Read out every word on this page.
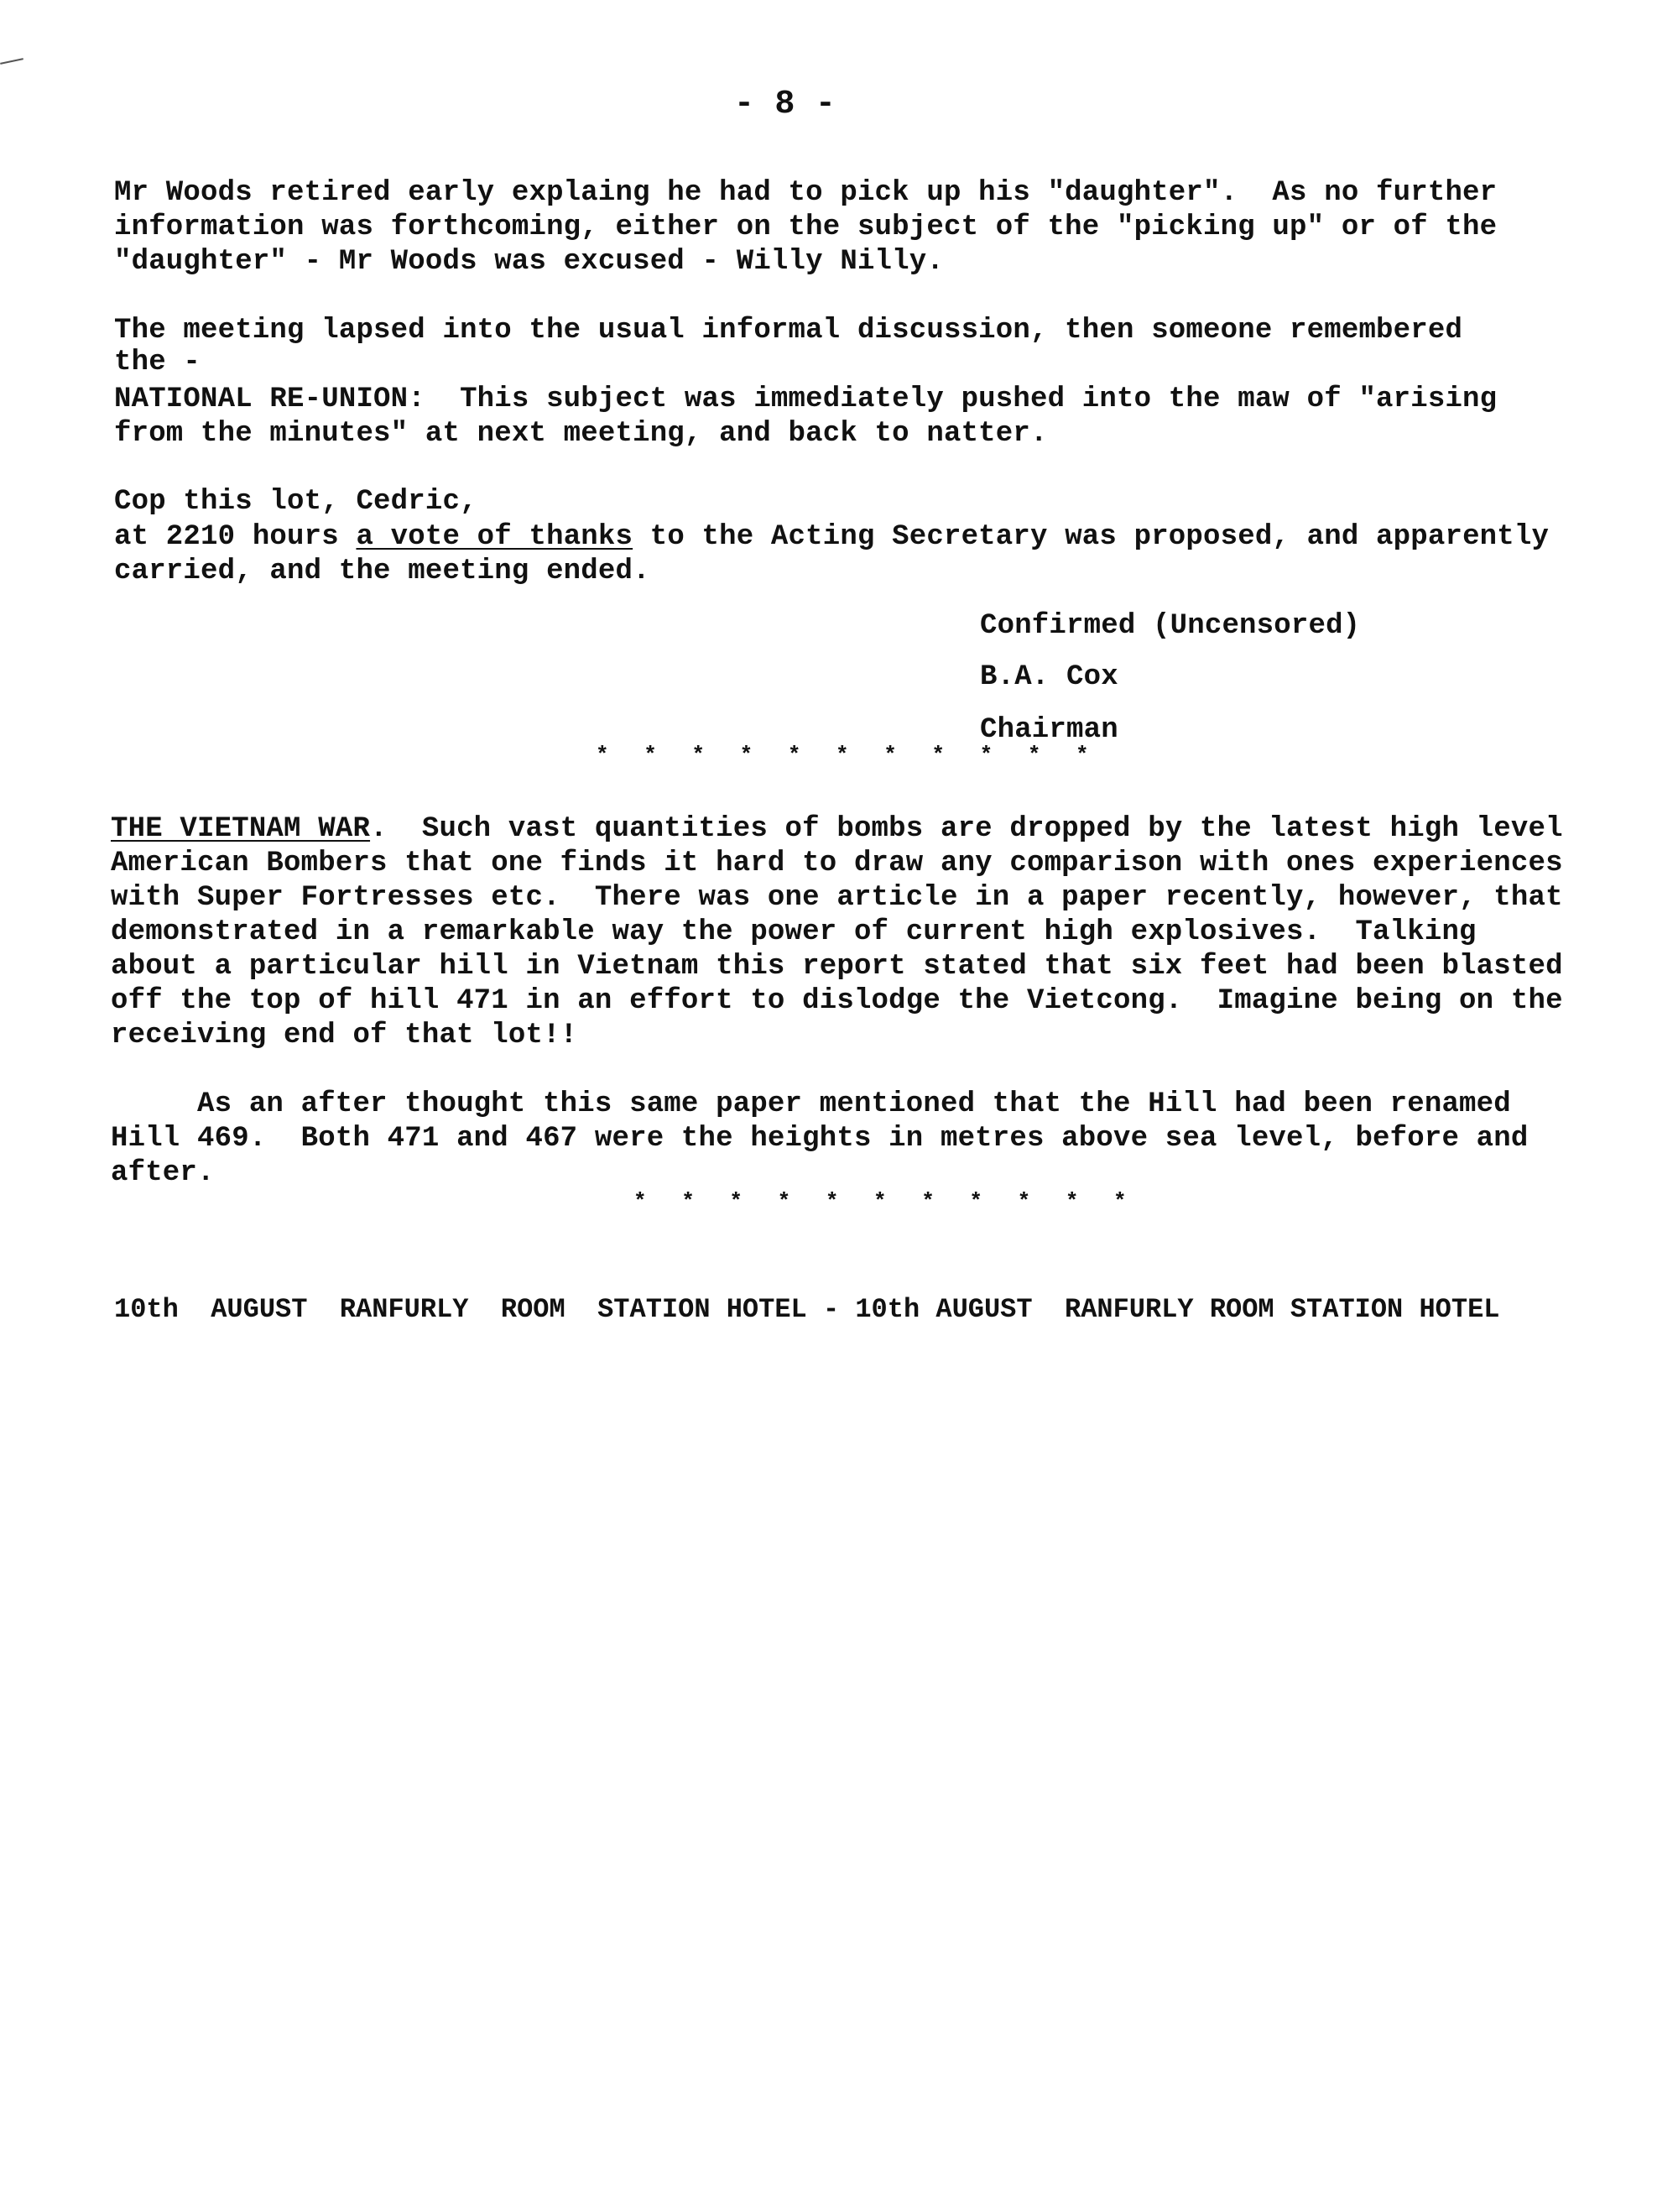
- 8 -
Mr Woods retired early explaing he had to pick up his "daughter".  As no further
information was forthcoming, either on the subject of the "picking up" or of the
"daughter" - Mr Woods was excused - Willy Nilly.
The meeting lapsed into the usual informal discussion, then someone remembered
the -
NATIONAL RE-UNION:  This subject was immediately pushed into the maw of "arising
from the minutes" at next meeting, and back to natter.
Cop this lot, Cedric,
at 2210 hours a vote of thanks to the Acting Secretary was proposed, and apparently
carried, and the meeting ended.
Confirmed (Uncensored)
B.A. Cox
Chairman
* * * * * * * * * * *
THE VIETNAM WAR.  Such vast quantities of bombs are dropped by the latest high level
American Bombers that one finds it hard to draw any comparison with ones experiences
with Super Fortresses etc.  There was one article in a paper recently, however, that
demonstrated in a remarkable way the power of current high explosives.  Talking
about a particular hill in Vietnam this report stated that six feet had been blasted
off the top of hill 471 in an effort to dislodge the Vietcong.  Imagine being on the
receiving end of that lot!!
As an after thought this same paper mentioned that the Hill had been renamed
Hill 469.  Both 471 and 467 were the heights in metres above sea level, before and
after.
* * * * * * * * * * *
10th  AUGUST  RANFURLY  ROOM  STATION HOTEL - 10th AUGUST  RANFURLY ROOM STATION HOTEL
